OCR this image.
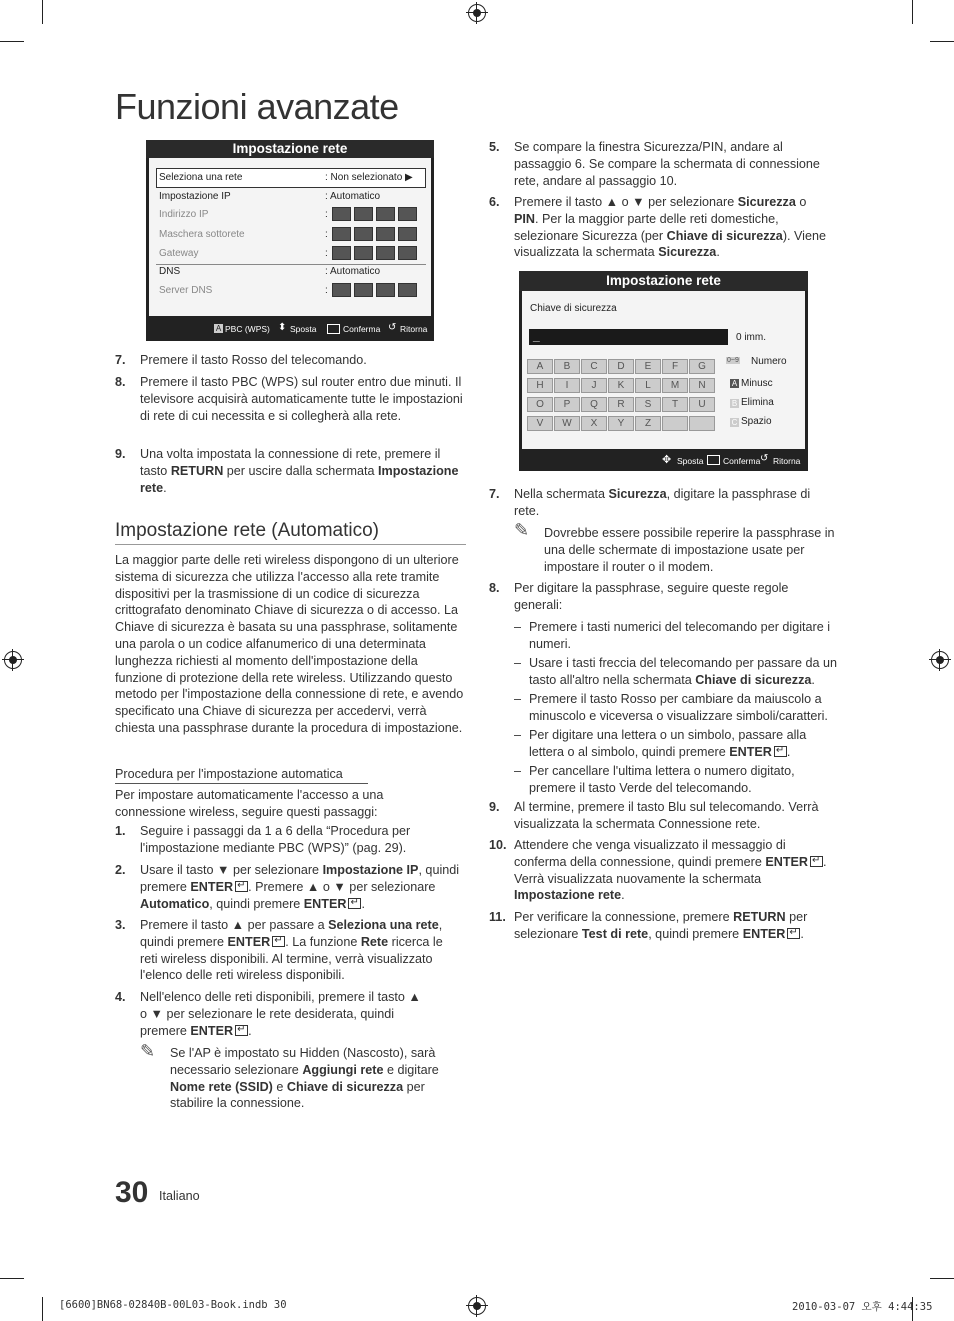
Funzioni avanzate
Impostazione rete
Seleziona una rete	: Non selezionato ▶
Impostazione IP	: Automatico
Indirizzo IP	:
Maschera sottorete	:
Gateway	:
DNS	: Automatico
Server DNS	:
A PBC (WPS) ⬍ Sposta	Conferma ↺ Ritorna
7. Premere il tasto Rosso del telecomando.
8. Premere il tasto PBC (WPS) sul router entro due minuti. Il televisore acquisirà automaticamente tutte le impostazioni di rete di cui necessita e si collegherà alla rete.
9. Una volta impostata la connessione di rete, premere il tasto RETURN per uscire dalla schermata Impostazione rete.
Impostazione rete (Automatico)
La maggior parte delle reti wireless dispongono di un ulteriore sistema di sicurezza che utilizza l'accesso alla rete tramite dispositivi per la trasmissione di un codice di sicurezza crittografato denominato Chiave di sicurezza o di accesso. La Chiave di sicurezza è basata su una passphrase, solitamente una parola o un codice alfanumerico di una determinata lunghezza richiesti al momento dell'impostazione della funzione di protezione della rete wireless. Utilizzando questo metodo per l'impostazione della connessione di rete, e avendo specificato una Chiave di sicurezza per accedervi, verrà chiesta una passphrase durante la procedura di impostazione.
Procedura per l'impostazione automatica
Per impostare automaticamente l'accesso a una connessione wireless, seguire questi passaggi:
1. Seguire i passaggi da 1 a 6 della “Procedura per l'impostazione mediante PBC (WPS)” (pag. 29).
2. Usare il tasto ▼ per selezionare Impostazione IP, quindi premere ENTER ↵ . Premere ▲ o ▼ per selezionare Automatico, quindi premere ENTER ↵ .
3. Premere il tasto ▲ per passare a Seleziona una rete, quindi premere ENTER ↵ . La funzione Rete ricerca le reti wireless disponibili. Al termine, verrà visualizzato l'elenco delle reti wireless disponibili.
4. Nell'elenco delle reti disponibili, premere il tasto ▲ o ▼ per selezionare le rete desiderata, quindi premere ENTER ↵ .
✎ Se l'AP è impostato su Hidden (Nascosto), sarà necessario selezionare Aggiungi rete e digitare Nome rete (SSID) e Chiave di sicurezza per stabilire la connessione.
5. Se compare la finestra Sicurezza/PIN, andare al passaggio 6. Se compare la schermata di connessione rete, andare al passaggio 10.
6. Premere il tasto ▲ o ▼ per selezionare Sicurezza o PIN. Per la maggior parte delle reti domestiche, selezionare Sicurezza (per Chiave di sicurezza). Viene visualizzata la schermata Sicurezza.
Impostazione rete
Chiave di sicurezza
_	0 imm.
A	B	C	D	E	F	G
H	I	J	K	L	M	N
O	P	Q	R	S	T	U
V	W	X	Y	Z
0~9 Numero
A Minusc
B Elimina
C Spazio
✥ Sposta Conferma ↺ Ritorna
7. Nella schermata Sicurezza, digitare la passphrase di rete.
✎ Dovrebbe essere possibile reperire la passphrase in una delle schermate di impostazione usate per impostare il router o il modem.
8. Per digitare la passphrase, seguire queste regole generali:
– Premere i tasti numerici del telecomando per digitare i numeri.
– Usare i tasti freccia del telecomando per passare da un tasto all'altro nella schermata Chiave di sicurezza.
– Premere il tasto Rosso per cambiare da maiuscolo a minuscolo e viceversa o visualizzare simboli/caratteri.
– Per digitare una lettera o un simbolo, passare alla lettera o al simbolo, quindi premere ENTER ↵ .
– Per cancellare l'ultima lettera o numero digitato, premere il tasto Verde del telecomando.
9. Al termine, premere il tasto Blu sul telecomando. Verrà visualizzata la schermata Connessione rete.
10. Attendere che venga visualizzato il messaggio di conferma della connessione, quindi premere ENTER ↵ . Verrà visualizzata nuovamente la schermata Impostazione rete.
11. Per verificare la connessione, premere RETURN per selezionare Test di rete, quindi premere ENTER ↵ .
30 Italiano
[6600]BN68-02840B-00L03-Book.indb 30	2010-03-07 오후 4:44:35
